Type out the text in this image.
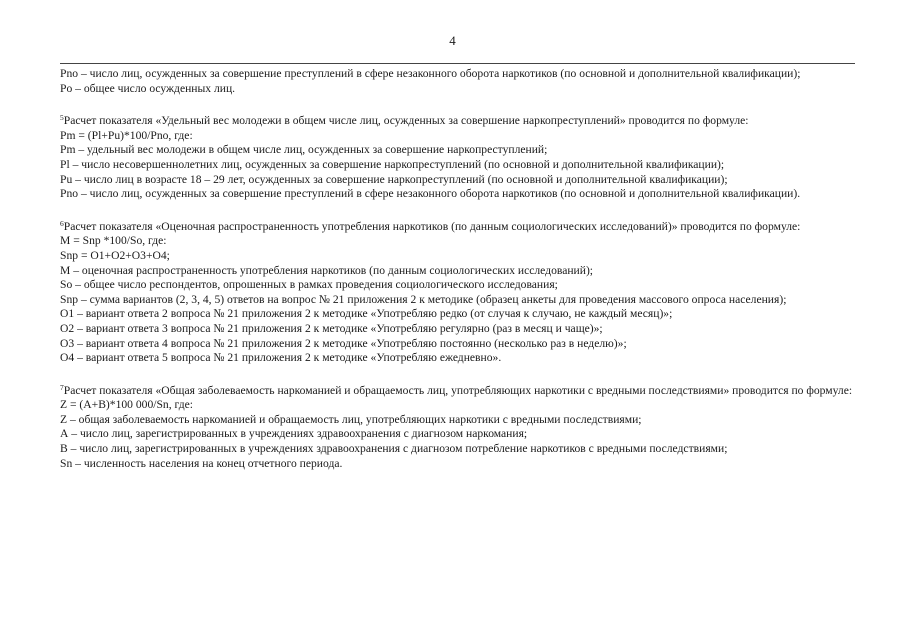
4

Рno – число лиц, осужденных за совершение преступлений в сфере незаконного оборота наркотиков (по основной и дополнительной квалификации);

Рo – общее число осужденных лиц.

$^5$Расчет показателя «Удельный вес молодежи в общем числе лиц, осужденных за совершение наркопреступлений» проводится по формуле:

Рm = (Рl+Рu)*100/Рno, где:

Рm – удельный вес молодежи в общем числе лиц, осужденных за совершение наркопреступлений;

Рl – число несовершеннолетних лиц, осужденных за совершение наркопреступлений (по основной и дополнительной квалификации);

Рu – число лиц в возрасте 18 – 29 лет, осужденных за совершение наркопреступлений (по основной и дополнительной квалификации);

Рno – число лиц, осужденных за совершение преступлений в сфере незаконного оборота наркотиков (по основной и дополнительной квалификации).

$^6$Расчет показателя «Оценочная распространенность употребления наркотиков (по данным социологических исследований)» проводится по формуле:

М = Snp *100/So, где:

Snp = О1+О2+О3+О4;

М – оценочная распространенность употребления наркотиков (по данным социологических исследований);

So – общее число респондентов, опрошенных в рамках проведения социологического исследования;

Snp – сумма вариантов (2, 3, 4, 5) ответов на вопрос № 21 приложения 2 к методике (образец анкеты для проведения массового опроса населения);

О1 – вариант ответа 2 вопроса № 21 приложения 2 к методике «Употребляю редко (от случая к случаю, не каждый месяц)»;

О2 – вариант ответа 3 вопроса № 21 приложения 2 к методике «Употребляю регулярно (раз в месяц и чаще)»;

О3 – вариант ответа 4 вопроса № 21 приложения 2 к методике «Употребляю постоянно (несколько раз в неделю)»;

О4 – вариант ответа 5 вопроса № 21 приложения 2 к методике «Употребляю ежедневно».

$^7$Расчет показателя «Общая заболеваемость наркоманией и обращаемость лиц, употребляющих наркотики с вредными последствиями» проводится по формуле:

Z = (А+В)*100 000/Sn, где:

Z – общая заболеваемость наркоманией и обращаемость лиц, употребляющих наркотики с вредными последствиями;

А – число лиц, зарегистрированных в учреждениях здравоохранения с диагнозом наркомания;

В – число лиц, зарегистрированных в учреждениях здравоохранения с диагнозом потребление наркотиков с вредными последствиями;

Sn – численность населения на конец отчетного периода.
